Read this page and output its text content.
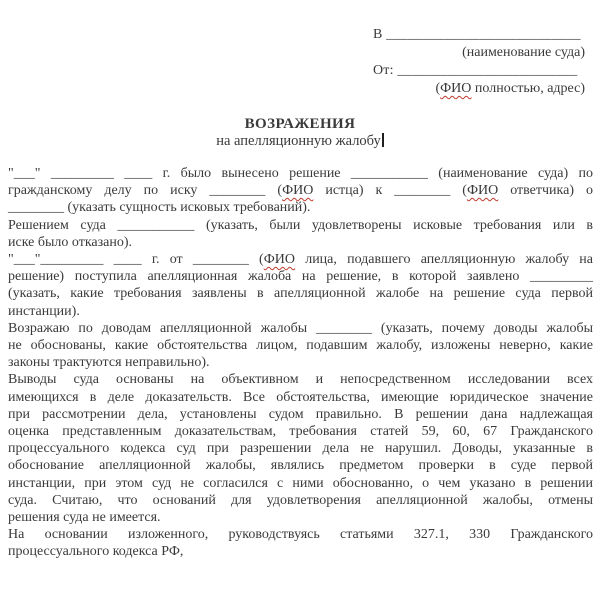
В ___________________________
(наименование суда)
От: _________________________
(ФИО полностью, адрес)
ВОЗРАЖЕНИЯ
на апелляционную жалобу
"___" _________ ____ г. было вынесено решение ___________ (наименование суда) по
гражданскому делу по иску ________ (ФИО истца) к ________ (ФИО ответчика) о
________ (указать сущность исковых требований).
Решением суда ___________ (указать, были удовлетворены исковые требования или в
иске было отказано).
"___"_________ ____ г. от ________ (ФИО лица, подавшего апелляционную жалобу на
решение) поступила апелляционная жалоба на решение, в которой заявлено _________
(указать, какие требования заявлены в апелляционной жалобе на решение суда первой
инстанции).
Возражаю по доводам апелляционной жалобы ________ (указать, почему доводы жалобы
не обоснованы, какие обстоятельства лицом, подавшим жалобу, изложены неверно, какие
законы трактуются неправильно).
Выводы суда основаны на объективном и непосредственном исследовании всех
имеющихся в деле доказательств. Все обстоятельства, имеющие юридическое значение
при рассмотрении дела, установлены судом правильно. В решении дана надлежащая
оценка представленным доказательствам, требования статей 59, 60, 67 Гражданского
процессуального кодекса суд при разрешении дела не нарушил. Доводы, указанные в
обоснование апелляционной жалобы, являлись предметом проверки в суде первой
инстанции, при этом суд не согласился с ними обоснованно, о чем указано в решении
суда. Считаю, что оснований для удовлетворения апелляционной жалобы, отмены
решения суда не имеется.
На основании изложенного, руководствуясь статьями 327.1, 330 Гражданского
процессуального кодекса РФ,
